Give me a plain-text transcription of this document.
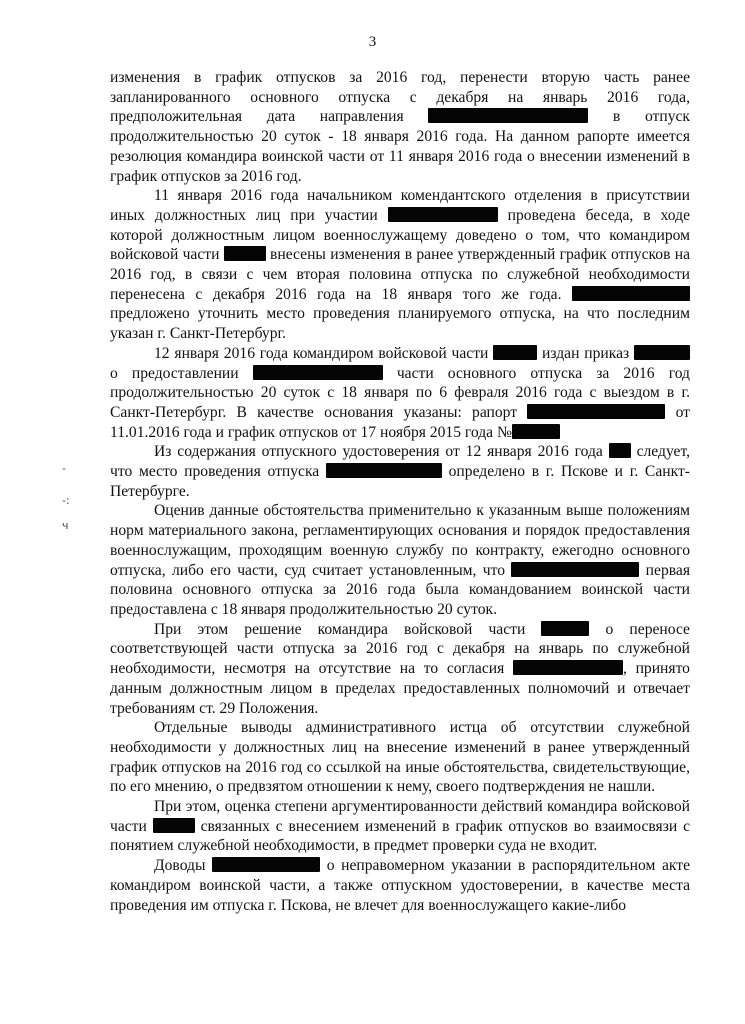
3
-
-:
ч

изменения в график отпусков за 2016 год, перенести вторую часть ранее запланированного основного отпуска с декабря на январь 2016 года, предположительная дата направления	в отпуск продолжительностью 20 суток - 18 января 2016 года. На данном рапорте имеется резолюция командира воинской части от 11 января 2016 года о внесении изменений в график отпусков за 2016 год.

11 января 2016 года начальником комендантского отделения в присутствии иных должностных лиц при участии	проведена беседа, в ходе которой должностным лицом военнослужащему доведено о том, что командиром войсковой части	внесены изменения в ранее утвержденный график отпусков на 2016 год, в связи с чем вторая половина отпуска по служебной необходимости перенесена с декабря 2016 года на 18 января того же года.  предложено уточнить место проведения планируемого отпуска, на что последним указан г. Санкт-Петербург.

12 января 2016 года командиром войсковой части	издан приказ  о предоставлении	части основного отпуска за 2016 год продолжительностью 20 суток с 18 января по 6 февраля 2016 года с выездом в г. Санкт-Петербург. В качестве основания указаны: рапорт	от 11.01.2016 года и график отпусков от 17 ноября 2015 года №

Из содержания отпускного удостоверения от 12 января 2016 года  следует, что место проведения отпуска	определено в г. Пскове и г. Санкт-Петербурге.

Оценив данные обстоятельства применительно к указанным выше положениям норм материального закона, регламентирующих основания и порядок предоставления военнослужащим, проходящим военную службу по контракту, ежегодно основного отпуска, либо его части, суд считает установленным, что	первая половина основного отпуска за 2016 года была командованием воинской части предоставлена с 18 января продолжительностью 20 суток.

При этом решение командира войсковой части	о переносе соответствующей части отпуска за 2016 год с декабря на январь по служебной необходимости, несмотря на отсутствие на то согласия	, принято данным должностным лицом в пределах предоставленных полномочий и отвечает требованиям ст. 29 Положения.

Отдельные выводы административного истца об отсутствии служебной необходимости у должностных лиц на внесение изменений в ранее утвержденный график отпусков на 2016 год со ссылкой на иные обстоятельства, свидетельствующие, по его мнению, о предвзятом отношении к нему, своего подтверждения не нашли.

При этом, оценка степени аргументированности действий командира войсковой части	связанных с внесением изменений в график отпусков во взаимосвязи с понятием служебной необходимости, в предмет проверки суда не входит.

Доводы	о неправомерном указании в распорядительном акте командиром воинской части, а также отпускном удостоверении, в качестве места проведения им отпуска г. Пскова, не влечет для военнослужащего какие-либо
